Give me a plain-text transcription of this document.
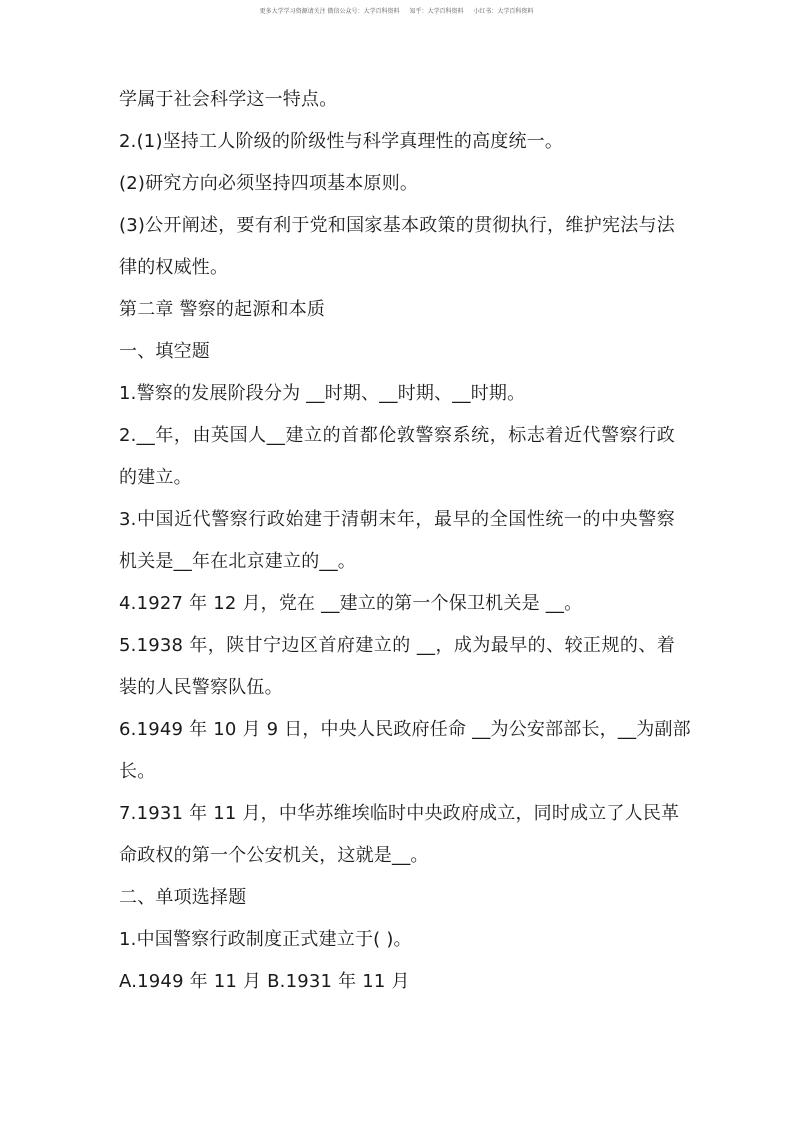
更多大学学习资源请关注 微信公众号：大学百科资料 知乎：大学百科资料 小红书：大学百科资料
学属于社会科学这一特点。
2.(1)坚持工人阶级的阶级性与科学真理性的高度统一。
(2)研究方向必须坚持四项基本原则。
(3)公开阐述，要有利于党和国家基本政策的贯彻执行，维护宪法与法
律的权威性。
第二章 警察的起源和本质
一、填空题
1.警察的发展阶段分为 __时期、__时期、__时期。
2.__年，由英国人__建立的首都伦敦警察系统，标志着近代警察行政
的建立。
3.中国近代警察行政始建于清朝末年，最早的全国性统一的中央警察
机关是__年在北京建立的__。
4.1927 年 12 月，党在 __建立的第一个保卫机关是 __。
5.1938 年，陕甘宁边区首府建立的 __，成为最早的、较正规的、着
装的人民警察队伍。
6.1949 年 10 月 9 日，中央人民政府任命 __为公安部部长，__为副部
长。
7.1931 年 11 月，中华苏维埃临时中央政府成立，同时成立了人民革
命政权的第一个公安机关，这就是__。
二、单项选择题
1.中国警察行政制度正式建立于( )。
A.1949 年 11 月 B.1931 年 11 月
